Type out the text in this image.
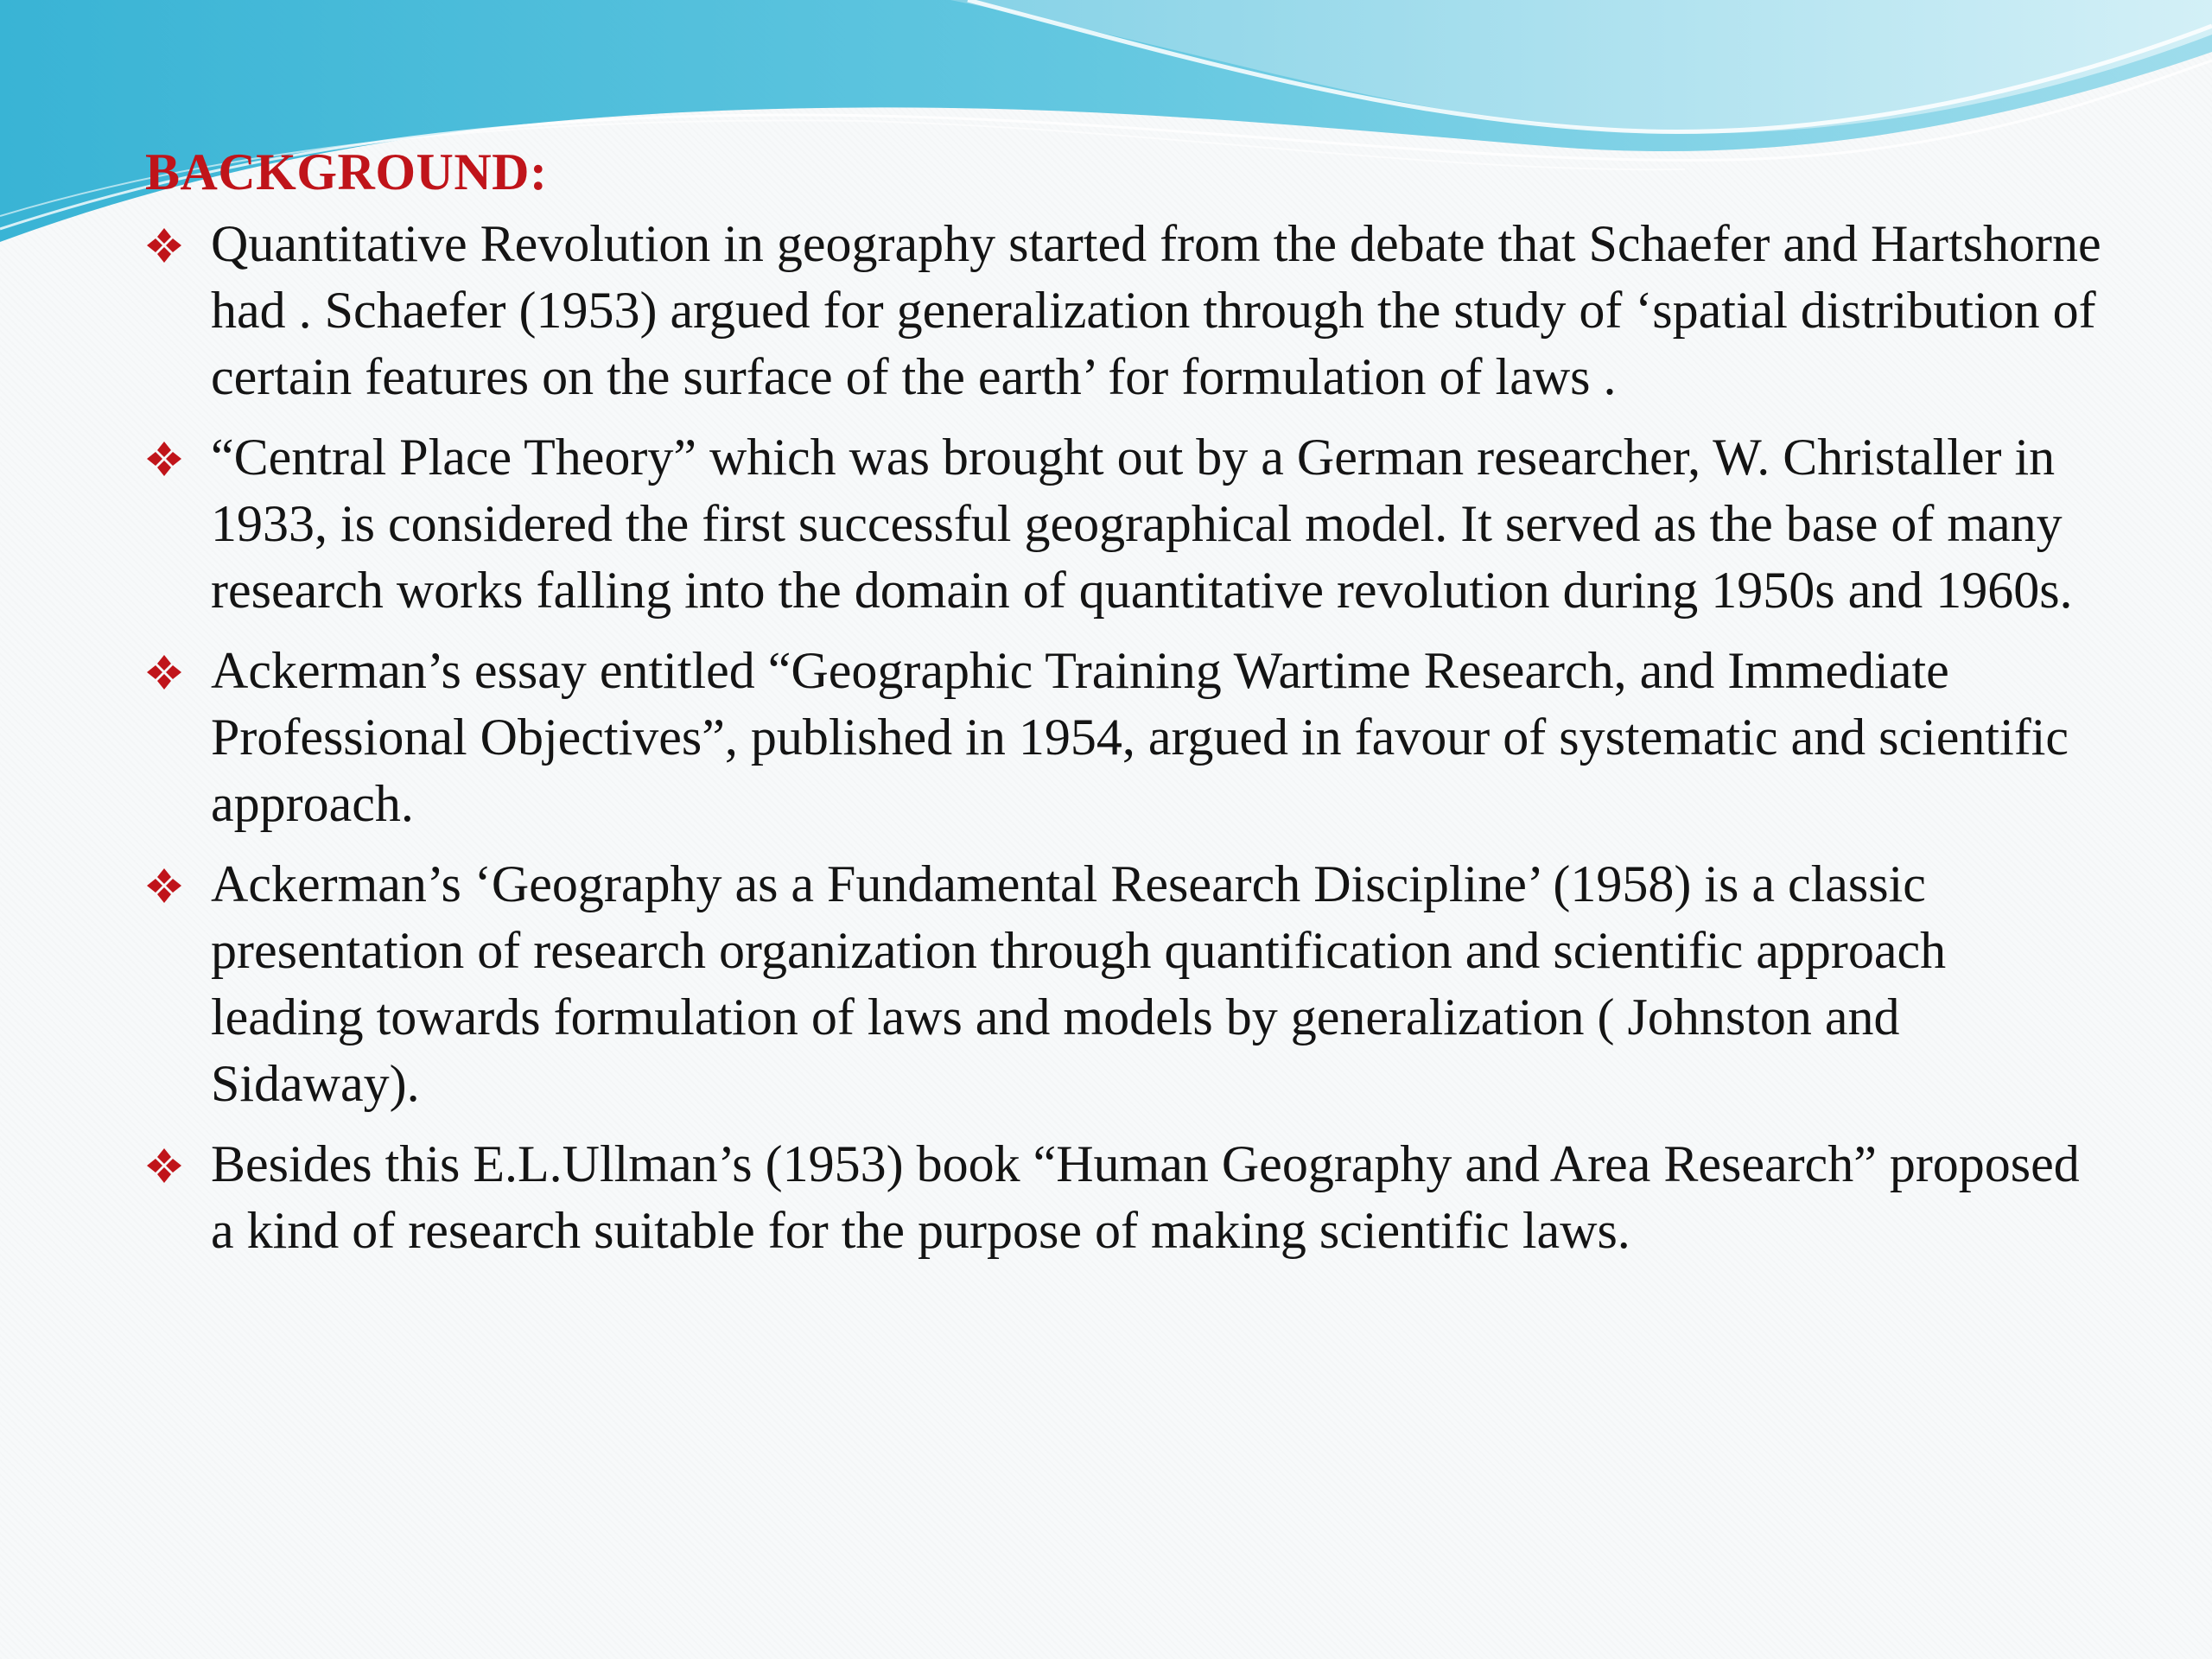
BACKGROUND:
Quantitative Revolution in geography started from the debate that Schaefer and Hartshorne had . Schaefer (1953) argued for generalization through the study of ‘spatial distribution of certain features on the surface of the earth’ for formulation of laws .
“Central Place Theory” which was brought out by a German researcher, W. Christaller in 1933, is considered the first successful geographical model. It served as the base of many research works falling into the domain of quantitative revolution during 1950s and 1960s.
Ackerman’s essay entitled “Geographic Training Wartime Research, and Immediate Professional Objectives”, published in 1954, argued in favour of systematic and scientific approach.
Ackerman’s ‘Geography as a Fundamental Research Discipline’ (1958) is a classic presentation of research organization through quantification and scientific approach leading towards formulation of laws and models by generalization ( Johnston and Sidaway).
Besides this E.L.Ullman’s (1953) book “Human Geography and Area Research” proposed a kind of research suitable for the purpose of making scientific laws.
